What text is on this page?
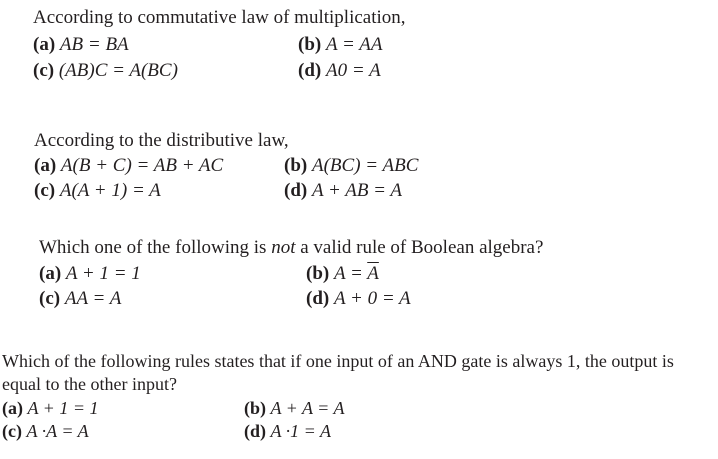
According to commutative law of multiplication,
(a) AB = BA	(b) A = AA
(c) (AB)C = A(BC)	(d) A0 = A
According to the distributive law,
(a) A(B + C) = AB + AC	(b) A(BC) = ABC
(c) A(A + 1) = A	(d) A + AB = A
Which one of the following is not a valid rule of Boolean algebra?
(a) A + 1 = 1	(b) $A = \overline{A}$
(c) AA = A	(d) A + 0 = A
Which of the following rules states that if one input of an AND gate is always 1, the output is
equal to the other input?
(a) A + 1 = 1	(b) A + A = A
(c) A ·A = A	(d) A ·1 = A
